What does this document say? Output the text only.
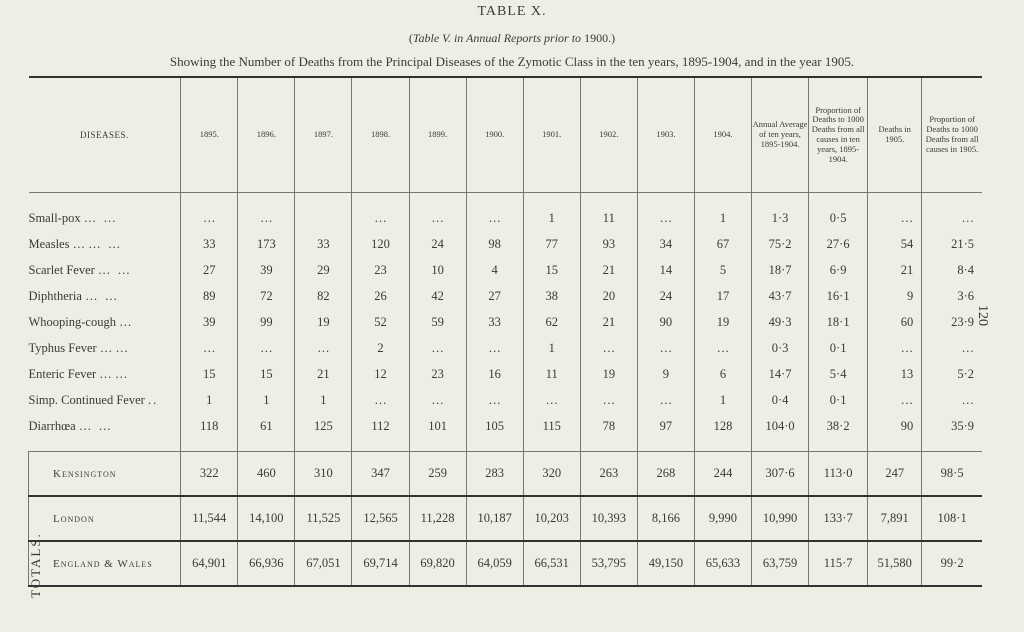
TABLE X.
(Table V. in Annual Reports prior to 1900.)
Showing the Number of Deaths from the Principal Diseases of the Zymotic Class in the ten years, 1895-1904, and in the year 1905.
120
DISEASES.	1895.	1896.	1897.	1898.	1899.	1900.	1901.	1902.	1903.	1904.	Annual Average of ten years, 1895-1904.	Proportion of Deaths to 1000 Deaths from all causes in ten years, 1895-1904.	Deaths in 1905.	Proportion of Deaths to 1000 Deaths from all causes in 1905.

Small-pox … …	…	…		…	…	…	1	11	…	1	1·3	0·5	…	…
Measles … … …	33	173	33	120	24	98	77	93	34	67	75·2	27·6	54	21·5
Scarlet Fever … …	27	39	29	23	10	4	15	21	14	5	18·7	6·9	21	8·4
Diphtheria … …	89	72	82	26	42	27	38	20	24	17	43·7	16·1	9	3·6
Whooping-cough …	39	99	19	52	59	33	62	21	90	19	49·3	18·1	60	23·9
Typhus Fever … …	…	…	…	2	…	…	1	…	…	…	0·3	0·1	…	…
Enteric Fever … …	15	15	21	12	23	16	11	19	9	6	14·7	5·4	13	5·2
Simp. Continued Fever ..	1	1	1	…	…	…	…	…	…	1	0·4	0·1	…	…
Diarrhœa … …	118	61	125	112	101	105	115	78	97	128	104·0	38·2	90	35·9

Kensington	322	460	310	347	259	283	320	263	268	244	307·6	113·0	247	98·5
London	11,544	14,100	11,525	12,565	11,228	10,187	10,203	10,393	8,166	9,990	10,990	133·7	7,891	108·1
England & Wales	64,901	66,936	67,051	69,714	69,820	64,059	66,531	53,795	49,150	65,633	63,759	115·7	51,580	99·2
TOTALS.
